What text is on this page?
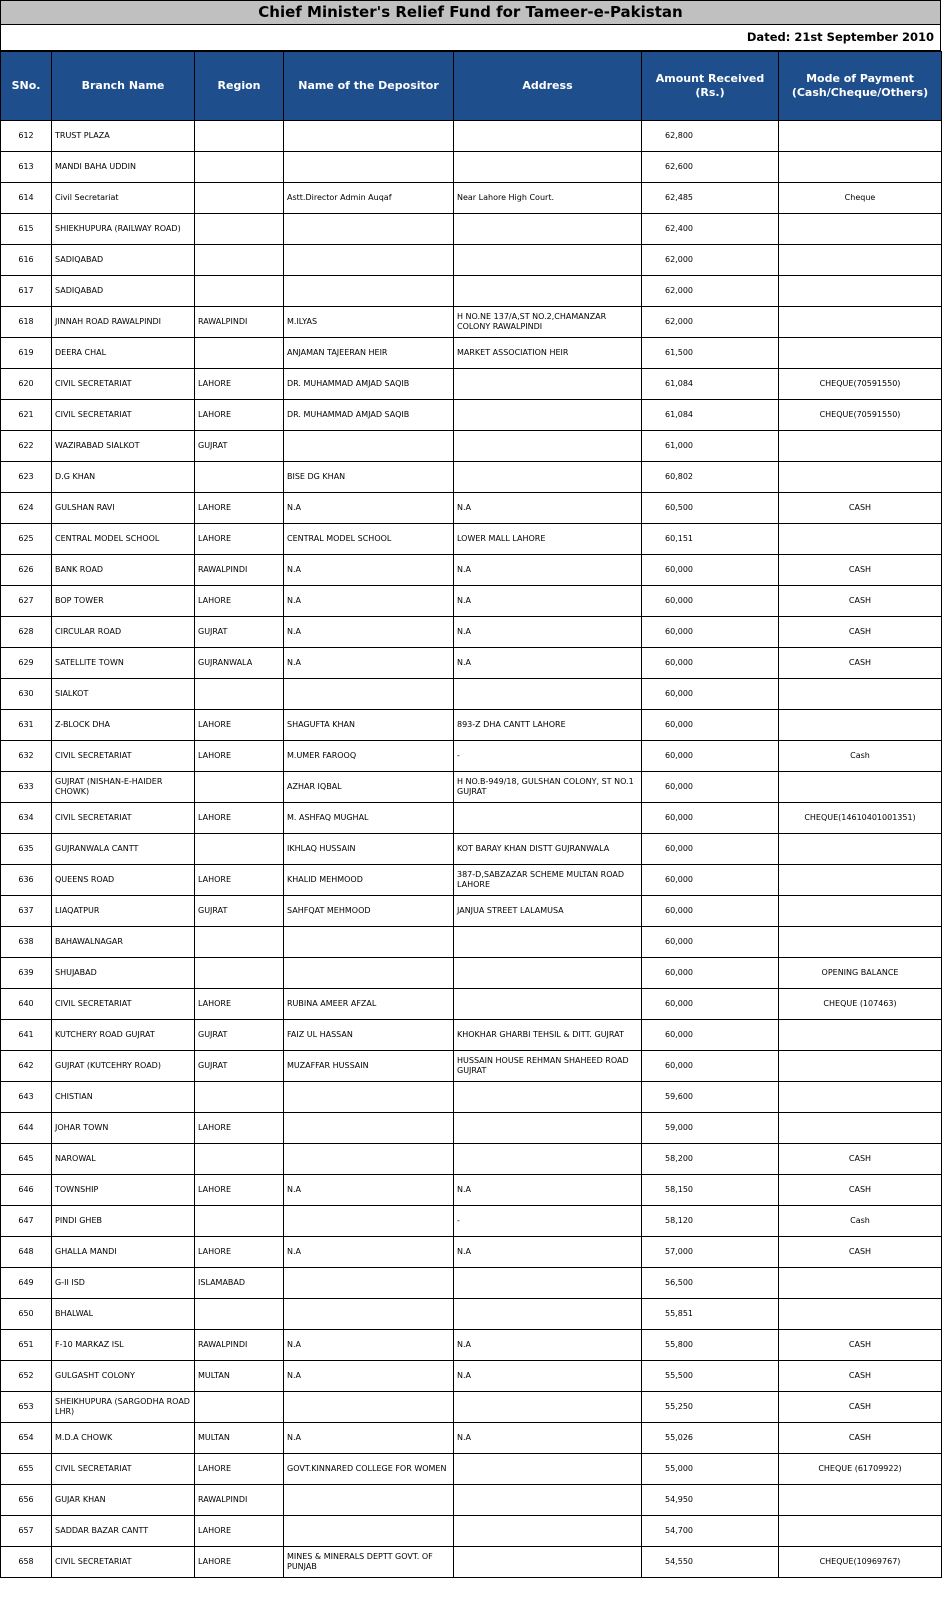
Chief Minister's Relief Fund for Tameer-e-Pakistan
Dated: 21st September 2010
SNo.	Branch Name	Region	Name of the Depositor	Address	Amount Received (Rs.)	Mode of Payment (Cash/Cheque/Others)
612	TRUST PLAZA				62,800	
613	MANDI BAHA UDDIN				62,600	
614	Civil Secretariat		Astt.Director Admin Auqaf	Near Lahore High Court.	62,485	Cheque
615	SHIEKHUPURA (RAILWAY ROAD)				62,400	
616	SADIQABAD				62,000	
617	SADIQABAD				62,000	
618	JINNAH ROAD RAWALPINDI	RAWALPINDI	M.ILYAS	H NO.NE 137/A,ST NO.2,CHAMANZAR COLONY RAWALPINDI	62,000	
619	DEERA CHAL		ANJAMAN TAJEERAN HEIR	MARKET ASSOCIATION HEIR	61,500	
620	CIVIL SECRETARIAT	LAHORE	DR. MUHAMMAD AMJAD SAQIB		61,084	CHEQUE(70591550)
621	CIVIL SECRETARIAT	LAHORE	DR. MUHAMMAD AMJAD SAQIB		61,084	CHEQUE(70591550)
622	WAZIRABAD SIALKOT	GUJRAT			61,000	
623	D.G KHAN		BISE DG KHAN		60,802	
624	GULSHAN RAVI	LAHORE	N.A	N.A	60,500	CASH
625	CENTRAL MODEL SCHOOL	LAHORE	CENTRAL MODEL SCHOOL	LOWER MALL LAHORE	60,151	
626	BANK ROAD	RAWALPINDI	N.A	N.A	60,000	CASH
627	BOP TOWER	LAHORE	N.A	N.A	60,000	CASH
628	CIRCULAR ROAD	GUJRAT	N.A	N.A	60,000	CASH
629	SATELLITE TOWN	GUJRANWALA	N.A	N.A	60,000	CASH
630	SIALKOT				60,000	
631	Z-BLOCK DHA	LAHORE	SHAGUFTA KHAN	893-Z DHA CANTT LAHORE	60,000	
632	CIVIL SECRETARIAT	LAHORE	M.UMER FAROOQ	-	60,000	Cash
633	GUJRAT (NISHAN-E-HAIDER CHOWK)		AZHAR IQBAL	H NO.B-949/18, GULSHAN COLONY, ST NO.1 GUJRAT	60,000	
634	CIVIL SECRETARIAT	LAHORE	M. ASHFAQ MUGHAL		60,000	CHEQUE(14610401001351)
635	GUJRANWALA CANTT		IKHLAQ HUSSAIN	KOT BARAY KHAN DISTT GUJRANWALA	60,000	
636	QUEENS ROAD	LAHORE	KHALID MEHMOOD	387-D,SABZAZAR SCHEME MULTAN ROAD LAHORE	60,000	
637	LIAQATPUR	GUJRAT	SAHFQAT MEHMOOD	JANJUA STREET LALAMUSA	60,000	
638	BAHAWALNAGAR				60,000	
639	SHUJABAD				60,000	OPENING BALANCE
640	CIVIL SECRETARIAT	LAHORE	RUBINA AMEER AFZAL		60,000	CHEQUE (107463)
641	KUTCHERY ROAD GUJRAT	GUJRAT	FAIZ UL HASSAN	KHOKHAR GHARBI TEHSIL & DITT. GUJRAT	60,000	
642	GUJRAT (KUTCEHRY ROAD)	GUJRAT	MUZAFFAR HUSSAIN	HUSSAIN HOUSE REHMAN SHAHEED ROAD GUJRAT	60,000	
643	CHISTIAN				59,600	
644	JOHAR TOWN	LAHORE			59,000	
645	NAROWAL				58,200	CASH
646	TOWNSHIP	LAHORE	N.A	N.A	58,150	CASH
647	PINDI GHEB			-	58,120	Cash
648	GHALLA MANDI	LAHORE	N.A	N.A	57,000	CASH
649	G-II ISD	ISLAMABAD			56,500	
650	BHALWAL				55,851	
651	F-10 MARKAZ ISL	RAWALPINDI	N.A	N.A	55,800	CASH
652	GULGASHT COLONY	MULTAN	N.A	N.A	55,500	CASH
653	SHEIKHUPURA (SARGODHA ROAD LHR)				55,250	CASH
654	M.D.A CHOWK	MULTAN	N.A	N.A	55,026	CASH
655	CIVIL SECRETARIAT	LAHORE	GOVT.KINNARED COLLEGE FOR WOMEN		55,000	CHEQUE (61709922)
656	GUJAR KHAN	RAWALPINDI			54,950	
657	SADDAR BAZAR CANTT	LAHORE			54,700	
658	CIVIL SECRETARIAT	LAHORE	MINES & MINERALS DEPTT GOVT. OF PUNJAB		54,550	CHEQUE(10969767)
